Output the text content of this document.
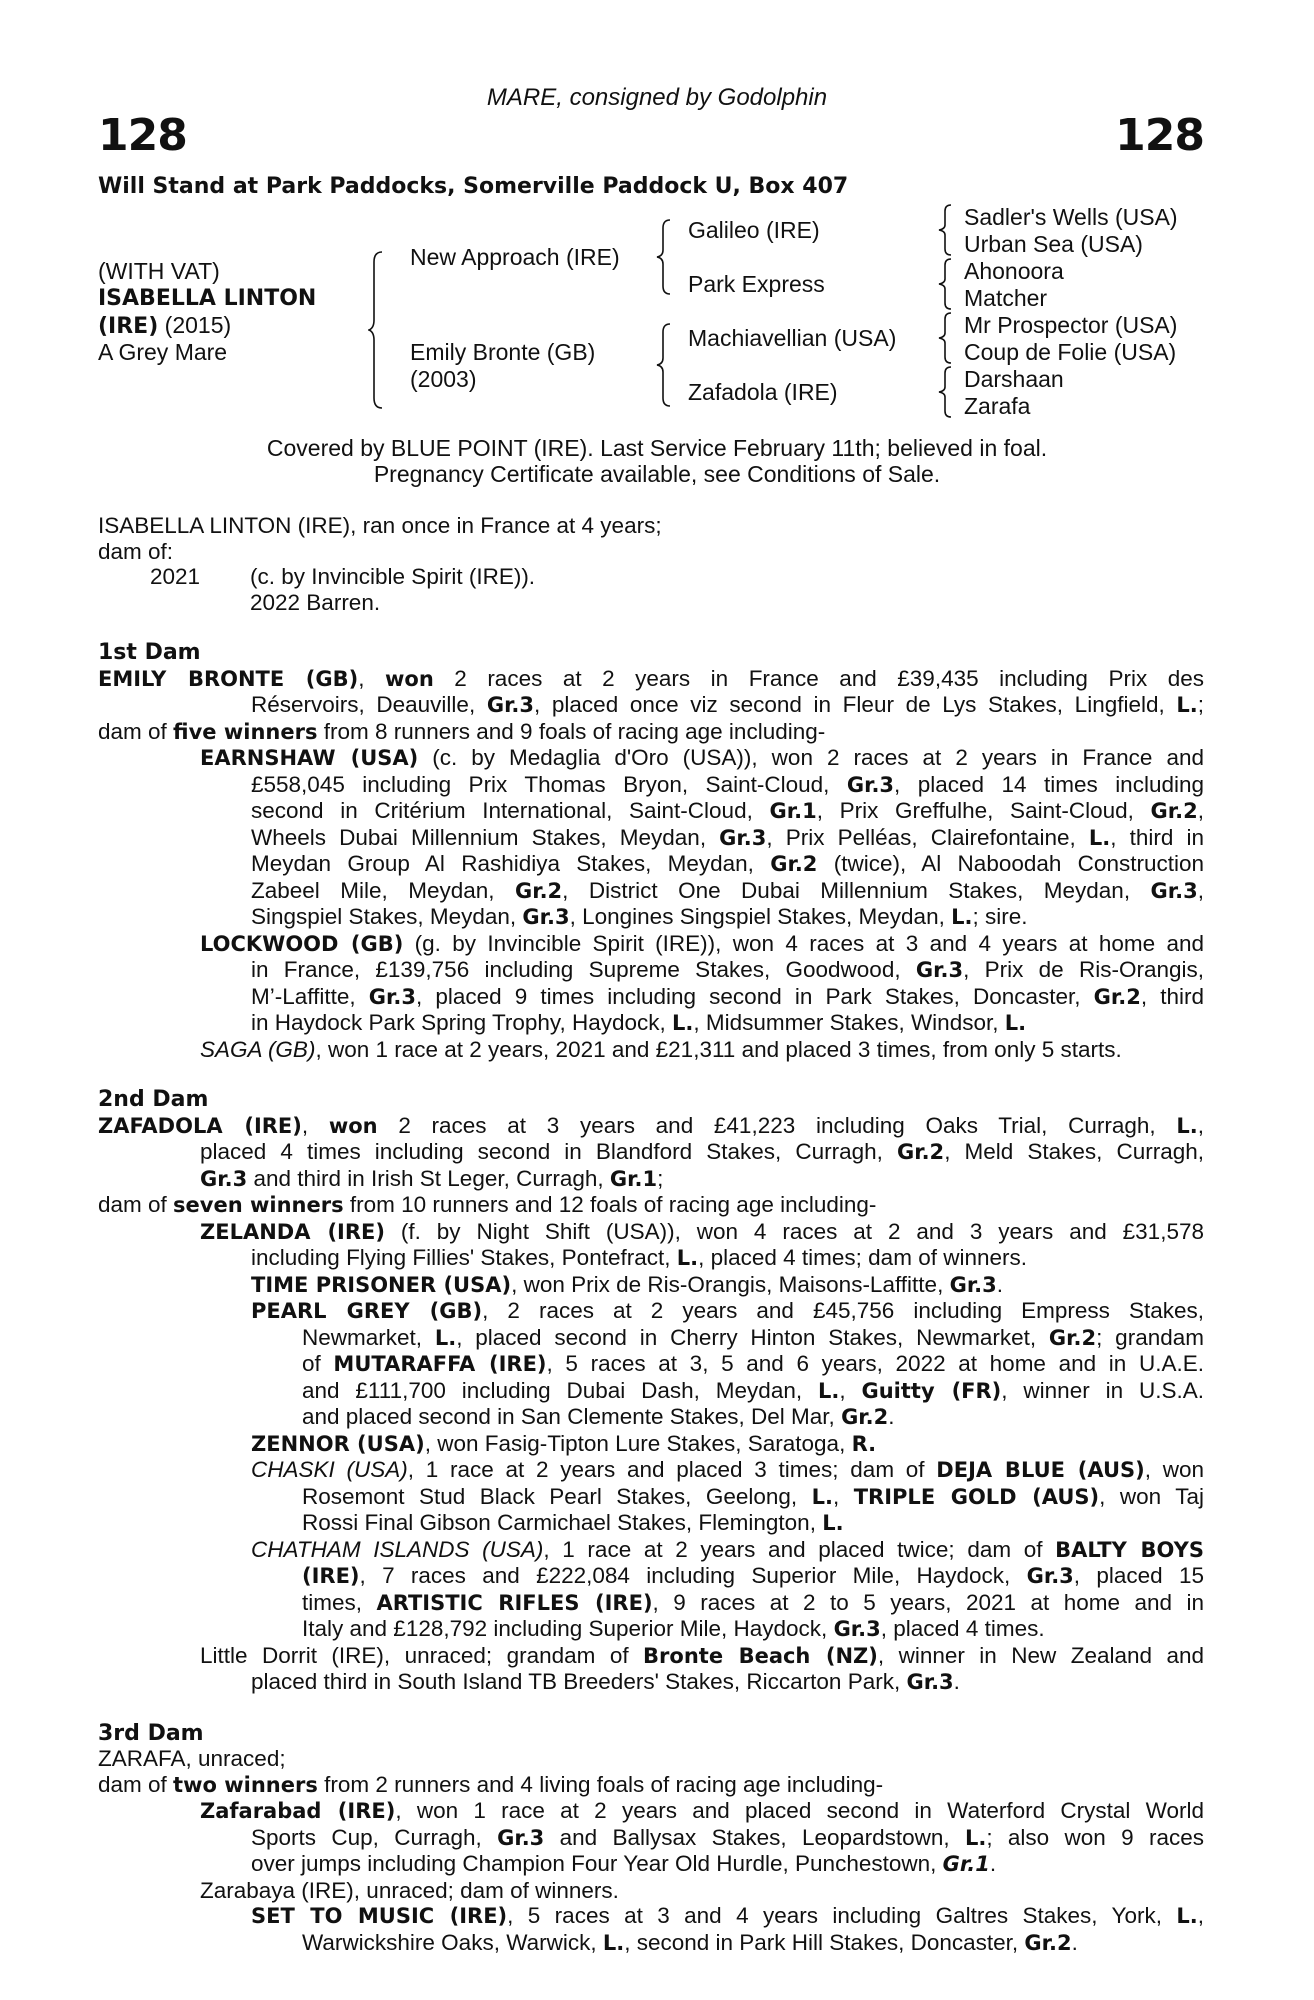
MARE, consigned by Godolphin
128	128
Will Stand at Park Paddocks, Somerville Paddock U, Box 407
(WITH VAT)
ISABELLA LINTON
(IRE) (2015)
A Grey Mare
New Approach (IRE)
Emily Bronte (GB)
(2003)
Galileo (IRE)
Park Express
Machiavellian (USA)
Zafadola (IRE)
Sadler's Wells (USA)
Urban Sea (USA)
Ahonoora
Matcher
Mr Prospector (USA)
Coup de Folie (USA)
Darshaan
Zarafa
Covered by BLUE POINT (IRE). Last Service February 11th; believed in foal.
Pregnancy Certificate available, see Conditions of Sale.
ISABELLA LINTON (IRE), ran once in France at 4 years;
dam of:
2021 (c. by Invincible Spirit (IRE)).
2022 Barren.
1st Dam
EMILY BRONTE (GB), won 2 races at 2 years in France and £39,435 including Prix des
Réservoirs, Deauville, Gr.3, placed once viz second in Fleur de Lys Stakes, Lingfield, L.;
dam of five winners from 8 runners and 9 foals of racing age including-
EARNSHAW (USA) (c. by Medaglia d'Oro (USA)), won 2 races at 2 years in France and
£558,045 including Prix Thomas Bryon, Saint-Cloud, Gr.3, placed 14 times including
second in Critérium International, Saint-Cloud, Gr.1, Prix Greffulhe, Saint-Cloud, Gr.2,
Wheels Dubai Millennium Stakes, Meydan, Gr.3, Prix Pelléas, Clairefontaine, L., third in
Meydan Group Al Rashidiya Stakes, Meydan, Gr.2 (twice), Al Naboodah Construction
Zabeel Mile, Meydan, Gr.2, District One Dubai Millennium Stakes, Meydan, Gr.3,
Singspiel Stakes, Meydan, Gr.3, Longines Singspiel Stakes, Meydan, L.; sire.
LOCKWOOD (GB) (g. by Invincible Spirit (IRE)), won 4 races at 3 and 4 years at home and
in France, £139,756 including Supreme Stakes, Goodwood, Gr.3, Prix de Ris-Orangis,
M’-Laffitte, Gr.3, placed 9 times including second in Park Stakes, Doncaster, Gr.2, third
in Haydock Park Spring Trophy, Haydock, L., Midsummer Stakes, Windsor, L.
SAGA (GB), won 1 race at 2 years, 2021 and £21,311 and placed 3 times, from only 5 starts.
2nd Dam
ZAFADOLA (IRE), won 2 races at 3 years and £41,223 including Oaks Trial, Curragh, L.,
placed 4 times including second in Blandford Stakes, Curragh, Gr.2, Meld Stakes, Curragh,
Gr.3 and third in Irish St Leger, Curragh, Gr.1;
dam of seven winners from 10 runners and 12 foals of racing age including-
ZELANDA (IRE) (f. by Night Shift (USA)), won 4 races at 2 and 3 years and £31,578
including Flying Fillies' Stakes, Pontefract, L., placed 4 times; dam of winners.
TIME PRISONER (USA), won Prix de Ris-Orangis, Maisons-Laffitte, Gr.3.
PEARL GREY (GB), 2 races at 2 years and £45,756 including Empress Stakes,
Newmarket, L., placed second in Cherry Hinton Stakes, Newmarket, Gr.2; grandam
of MUTARAFFA (IRE), 5 races at 3, 5 and 6 years, 2022 at home and in U.A.E.
and £111,700 including Dubai Dash, Meydan, L., Guitty (FR), winner in U.S.A.
and placed second in San Clemente Stakes, Del Mar, Gr.2.
ZENNOR (USA), won Fasig-Tipton Lure Stakes, Saratoga, R.
CHASKI (USA), 1 race at 2 years and placed 3 times; dam of DEJA BLUE (AUS), won
Rosemont Stud Black Pearl Stakes, Geelong, L., TRIPLE GOLD (AUS), won Taj
Rossi Final Gibson Carmichael Stakes, Flemington, L.
CHATHAM ISLANDS (USA), 1 race at 2 years and placed twice; dam of BALTY BOYS
(IRE), 7 races and £222,084 including Superior Mile, Haydock, Gr.3, placed 15
times, ARTISTIC RIFLES (IRE), 9 races at 2 to 5 years, 2021 at home and in
Italy and £128,792 including Superior Mile, Haydock, Gr.3, placed 4 times.
Little Dorrit (IRE), unraced; grandam of Bronte Beach (NZ), winner in New Zealand and
placed third in South Island TB Breeders' Stakes, Riccarton Park, Gr.3.
3rd Dam
ZARAFA, unraced;
dam of two winners from 2 runners and 4 living foals of racing age including-
Zafarabad (IRE), won 1 race at 2 years and placed second in Waterford Crystal World
Sports Cup, Curragh, Gr.3 and Ballysax Stakes, Leopardstown, L.; also won 9 races
over jumps including Champion Four Year Old Hurdle, Punchestown, Gr.1.
Zarabaya (IRE), unraced; dam of winners.
SET TO MUSIC (IRE), 5 races at 3 and 4 years including Galtres Stakes, York, L.,
Warwickshire Oaks, Warwick, L., second in Park Hill Stakes, Doncaster, Gr.2.
